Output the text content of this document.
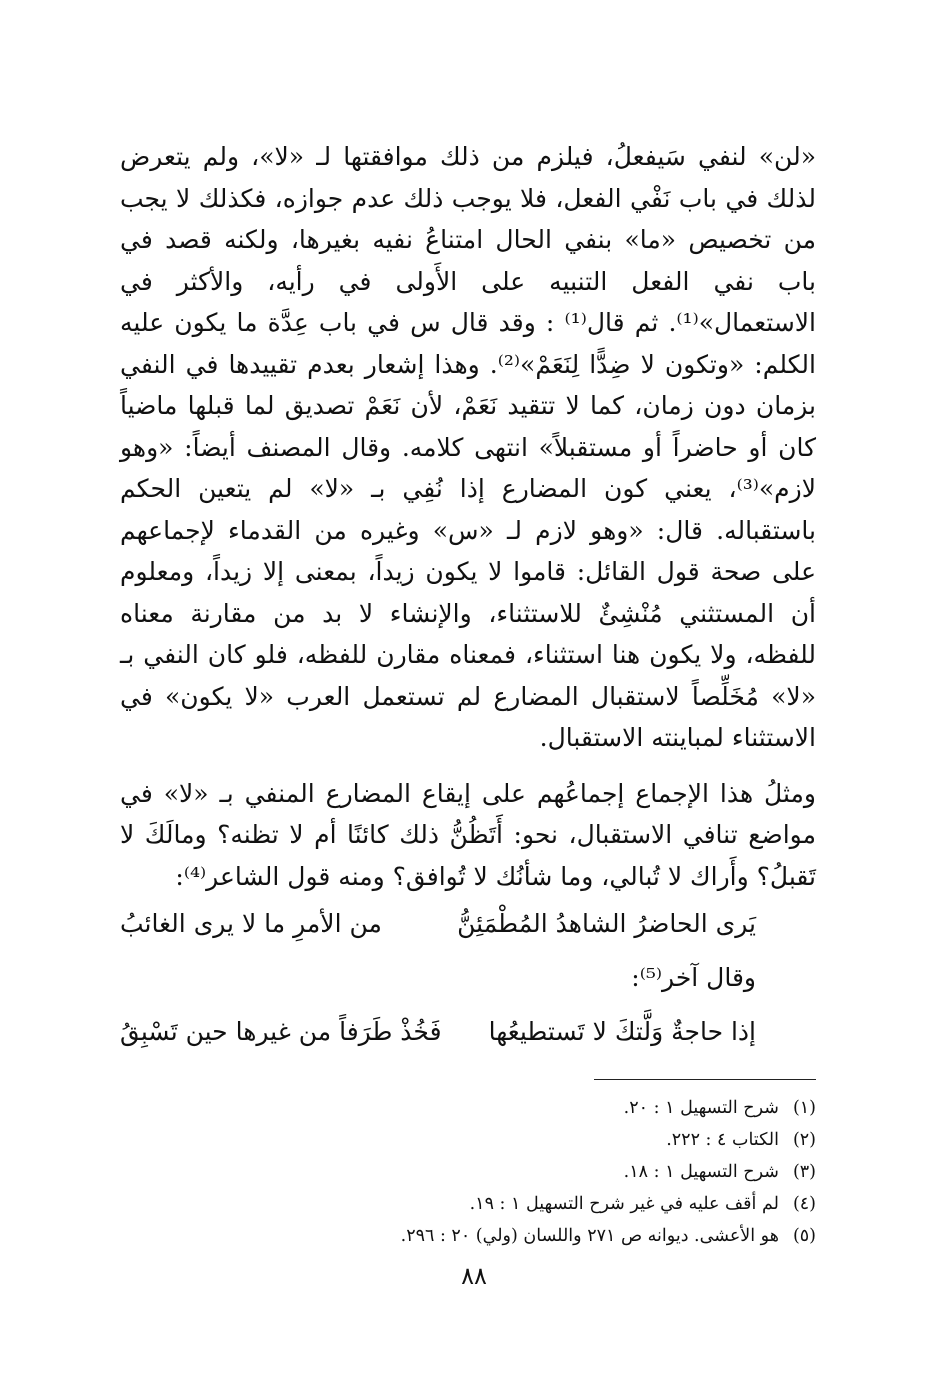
«لن» لنفي سَيفعلُ، فيلزم من ذلك موافقتها لـ «لا»، ولم يتعرض لذلك في باب نَفْي الفعل، فلا يوجب ذلك عدم جوازه، فكذلك لا يجب من تخصيص «ما» بنفي الحال امتناعُ نفيه بغيرها، ولكنه قصد في باب نفي الفعل التنبيه على الأَولى في رأيه، والأكثر في الاستعمال»⁽¹⁾. ثم قال⁽¹⁾ : وقد قال س في باب عِدَّة ما يكون عليه الكلم: «وتكون لا ضِدًّا لِنَعَمْ»⁽²⁾. وهذا إشعار بعدم تقييدها في النفي بزمان دون زمان، كما لا تتقيد نَعَمْ، لأن نَعَمْ تصديق لما قبلها ماضياً كان أو حاضراً أو مستقبلاً» انتهى كلامه. وقال المصنف أيضاً: «وهو لازم»⁽³⁾، يعني كون المضارع إذا نُفِي بـ «لا» لم يتعين الحكم باستقباله. قال: «وهو لازم لـ «س» وغيره من القدماء لإجماعهم على صحة قول القائل: قاموا لا يكون زيداً، بمعنى إلا زيداً، ومعلوم أن المستثني مُنْشِئٌ للاستثناء، والإنشاء لا بد من مقارنة معناه للفظه، ولا يكون هنا استثناء، فمعناه مقارن للفظه، فلو كان النفي بـ «لا» مُخَلِّصاً لاستقبال المضارع لم تستعمل العرب «لا يكون» في الاستثناء لمباينته الاستقبال.

ومثلُ هذا الإجماع إجماعُهم على إيقاع المضارع المنفي بـ «لا» في مواضع تنافي الاستقبال، نحو: أَتَظُنُّ ذلك كائنًا أم لا تظنه؟ ومالَكَ لا تَقبلُ؟ وأَراك لا تُبالي، وما شأنُك لا تُوافق؟ ومنه قول الشاعر⁽⁴⁾:

يَرى الحاضرُ الشاهدُ المُطْمَئِنُّ
من الأمرِ ما لا يرى الغائبُ
وقال آخر⁽⁵⁾:
إذا حاجةٌ وَلَّتكَ لا تَستطيعُها
فَخُذْ طَرَفاً من غيرها حين تَسْبِقُ
(١)
شرح التسهيل ١ : ٢٠.
(٢)
الكتاب ٤ : ٢٢٢.
(٣)
شرح التسهيل ١ : ١٨.
(٤)
لم أقف عليه في غير شرح التسهيل ١ : ١٩.
(٥)
هو الأعشى. ديوانه ص ٢٧١ واللسان (ولي) ٢٠ : ٢٩٦.
٨٨
